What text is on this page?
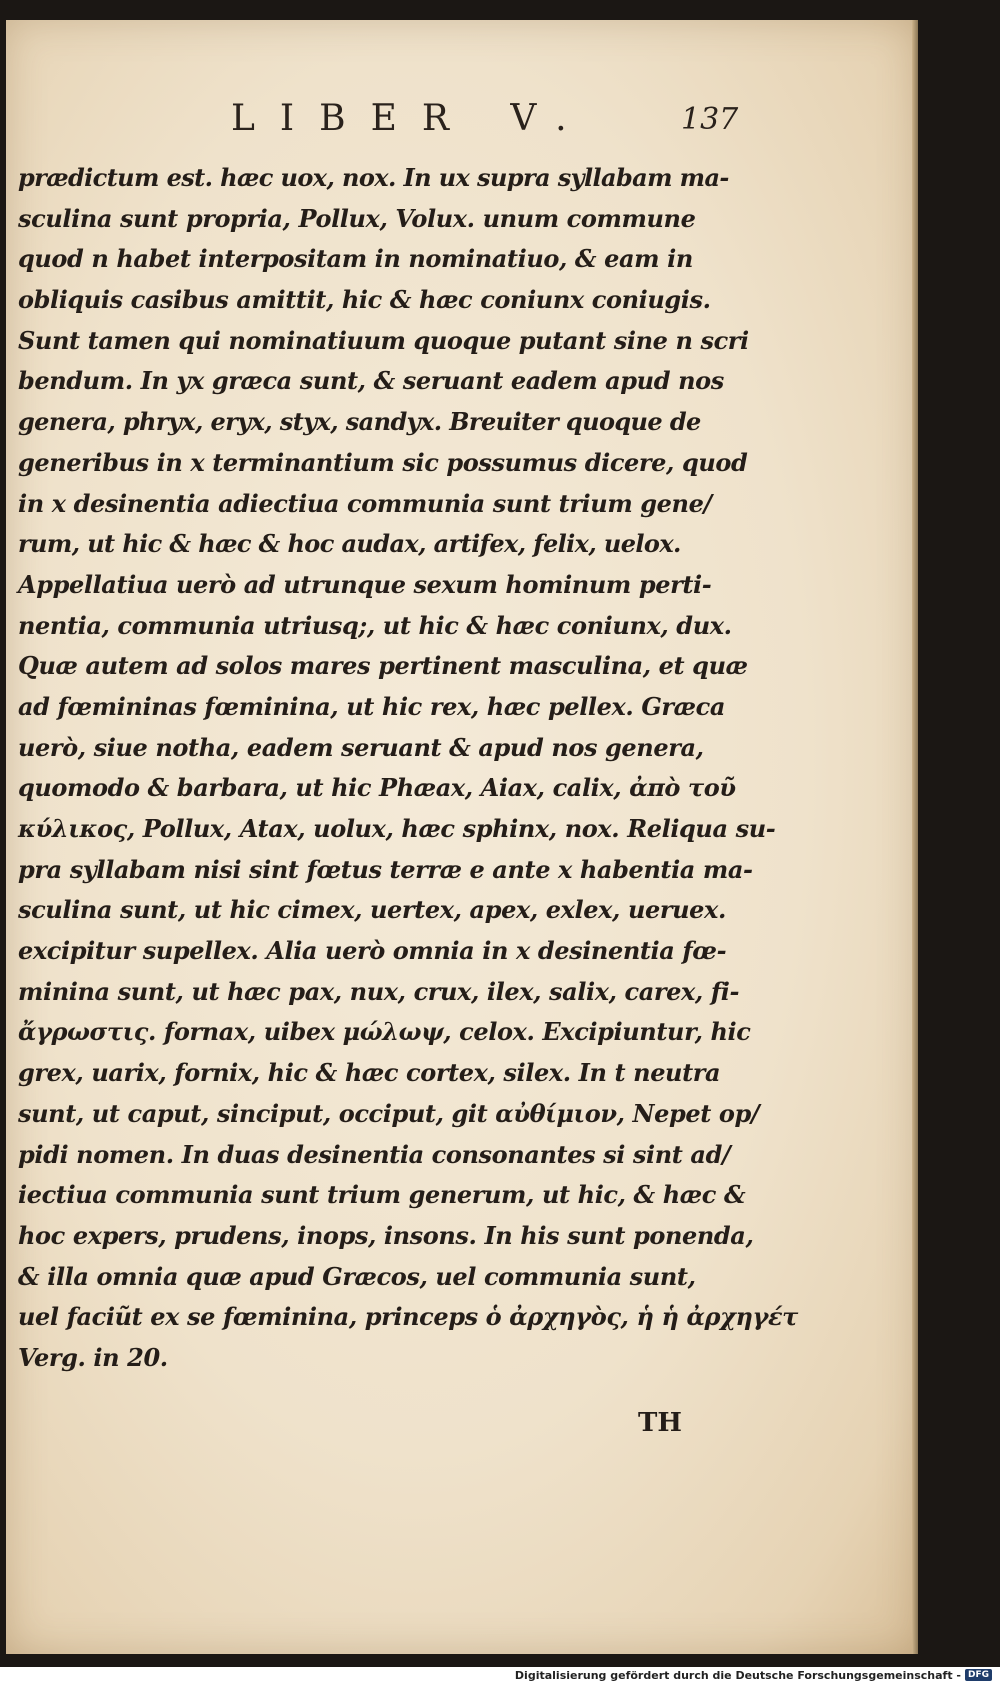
LIBER V.	137
prædictum est. hæc uox, nox. In ux supra syllabam ma-
sculina sunt propria, Pollux, Volux. unum commune
quod n habet interpositam in nominatiuo, & eam in
obliquis casibus amittit, hic & hæc coniunx coniugis.
Sunt tamen qui nominatiuum quoque putant sine n scri
bendum. In yx græca sunt, & seruant eadem apud nos
genera, phryx, eryx, styx, sandyx. Breuiter quoque de
generibus in x terminantium sic possumus dicere, quod
in x desinentia adiectiua communia sunt trium gene/
rum, ut hic & hæc & hoc audax, artifex, felix, uelox.
Appellatiua uerò ad utrunque sexum hominum perti-
nentia, communia utriusq;, ut hic & hæc coniunx, dux.
Quæ autem ad solos mares pertinent masculina, et quæ
ad fœmininas fœminina, ut hic rex, hæc pellex. Græca
uerò, siue notha, eadem seruant & apud nos genera,
quomodo & barbara, ut hic Phæax, Aiax, calix, ἀπὸ τοῦ
κύλικος, Pollux, Atax, uolux, hæc sphinx, nox. Reliqua su-
pra syllabam nisi sint fœtus terræ e ante x habentia ma-
sculina sunt, ut hic cimex, uertex, apex, exlex, ueruex.
excipitur supellex. Alia uerò omnia in x desinentia fœ-
minina sunt, ut hæc pax, nux, crux, ilex, salix, carex, fi-
ἄγρωστις. fornax, uibex μώλωψ, celox. Excipiuntur, hic
grex, uarix, fornix, hic & hæc cortex, silex. In t neutra
sunt, ut caput, sinciput, occiput, git αὐθίμιον, Nepet op/
pidi nomen. In duas desinentia consonantes si sint ad/
iectiua communia sunt trium generum, ut hic, & hæc &
hoc expers, prudens, inops, insons. In his sunt ponenda,
& illa omnia quæ apud Græcos, uel communia sunt,
uel faciũt ex se fœminina, princeps ὁ ἀρχηγὸς, ἡ ἡ ἀρχηγέτ
Verg. in 20.
TH
Digitalisierung gefördert durch die Deutsche Forschungsgemeinschaft - DFG
